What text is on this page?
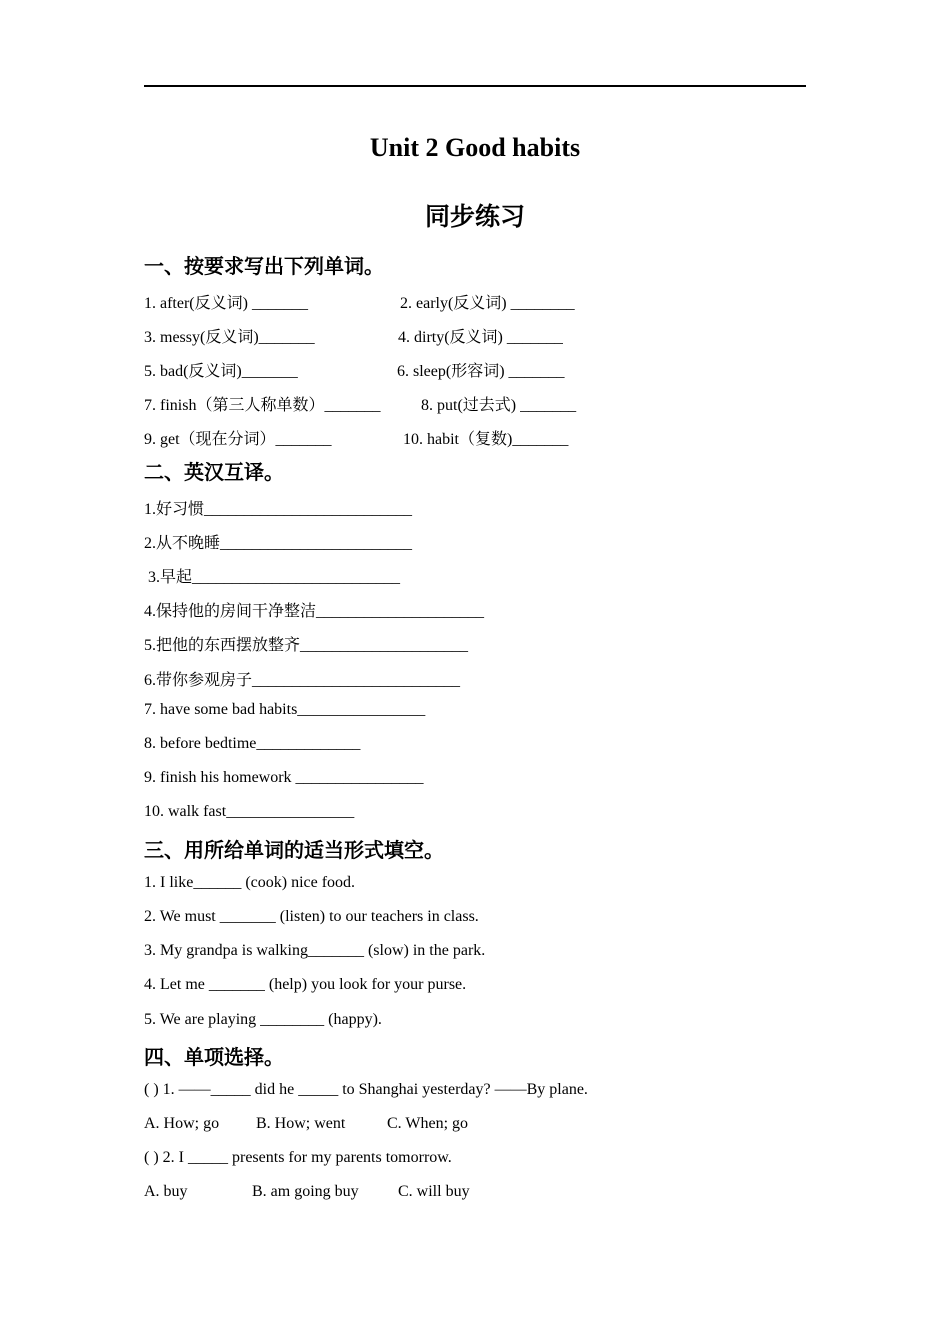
Unit 2 Good habits
同步练习
一、按要求写出下列单词。
1. after(反义词) _______	2. early(反义词) ________
3. messy(反义词)_______	4. dirty(反义词) _______
5. bad(反义词)_______	6. sleep(形容词) _______
7. finish（第三人称单数）_______	8. put(过去式) _______
9. get（现在分词）_______	10. habit（复数)_______
二、英汉互译。
1.好习惯__________________________
2.从不晚睡________________________
3.早起__________________________
4.保持他的房间干净整洁_____________________
5.把他的东西摆放整齐_____________________
6.带你参观房子__________________________
7. have some bad habits________________
8. before bedtime_____________
9. finish his homework ________________
10. walk fast________________
三、用所给单词的适当形式填空。
1. I like______ (cook) nice food.
2. We must _______ (listen) to our teachers in class.
3. My grandpa is walking_______ (slow) in the park.
4. Let me _______ (help) you look for your purse.
5. We are playing ________ (happy).
四、单项选择。
( ) 1. ——_____ did he _____ to Shanghai yesterday? ——By plane.
A. How; go B. How; went	C. When; go
( ) 2. I _____ presents for my parents tomorrow.
A. buy	B. am going buy C. will buy
